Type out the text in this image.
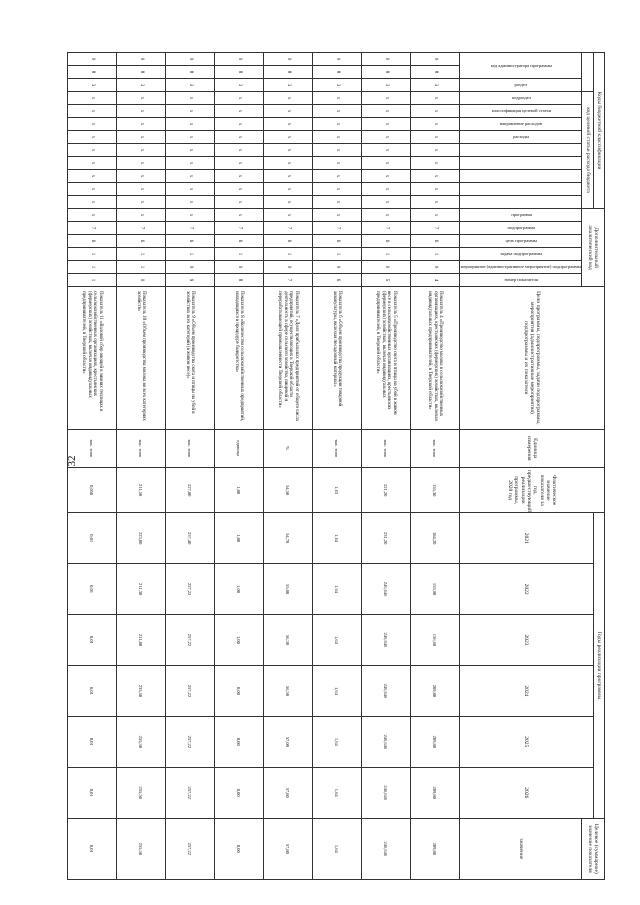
32
Коды бюджетной классификации												Дополнительный аналитический код						Цели программы, подпрограммы, задачи подпрограммы, мероприятия (административные мероприятия) подпрограммы и их показатели	Единица измерения	Фактическое значение показателя за год, предшествующий реализации программы, 2020 год	Годы реализации программы						Целевое (суммарное) значение показателя
			код целевой статьи расхода бюджета																		2021	2022	2023	2024	2025	2026	
код администратора программы		раздел	подраздел	классификация целевой статьи	направление расходов	расходы						программа	подпрограмма	цель программы	задача подпрограммы	мероприятие (административное мероприятие) подпрограммы	номер показателя										значение
0	8	3	x	x	x	x	x	x	x	x	x	x	7	6	1	0	4	Показатель 4 «Производство молока в сельскохозяйственных организациях, крестьянских (фермерских) хозяйствах, включая индивидуальных предпринимателей, в Тверской области»	тыс. тонн	155,30	184,20	155,90	156,60	209,80	209,80	209,80	209,80
0	8	3	x	x	x	x	x	x	x	x	x	x	7	6	1	0	5	Показатель 5 «Производство скота и птицы на убой в живом весе в сельскохозяйственных организациях, крестьянских (фермерских) хозяйствах, включая индивидуальных предпринимателей, в Тверской области»	тыс. тонн	221,20	231,20	246,646	246,646	246,646	246,646	246,646	246,646
0	8	3	x	x	x	x	x	x	x	x	x	x	7	6	1	0	6	Показатель 6 «Объем производства продукции товарной аквакультуры, включая посадочный материал»	тыс. тонн	1,63	1,64	1,64	1,64	1,64	1,64	1,64	1,64
0	8	3	x	x	x	x	x	x	x	x	x	x	7	6	1	0	7	Показатель 7 «Доля прибыльных предприятий от общего числа предприятий, осуществляющих в Тверской области деятельность в сфере сельского хозяйства, пищевой и перерабатывающей промышленности Тверской области»	%	54,50	54,70	55,00	56,30	56,50	57,00	57,80	57,80
0	8	3	x	x	x	x	x	x	x	x	x	x	7	6	1	0	8	Показатель 8 «Количество сельскохозяйственных предприятий, находящихся в процедуре банкротства»	единица	1,00	1,00	1,00	1,00	0,00	0,00	0,00	0,00
0	8	3	x	x	x	x	x	x	x	x	x	x	7	6	1	0	9	Показатель 9 «Объем производства скота и птицы на убой в хозяйствах всех категорий (в живом весе)»	тыс. тонн	227,80	257,40	257,22	257,22	257,22	257,22	257,22	257,22
0	8	3	x	x	x	x	x	x	x	x	x	x	7	6	1	1	0	Показатель 10 «Объем производства молока во всех категориях хозяйств»	тыс. тонн	211,50	223,00	211,30	211,80	235,50	255,50	255,50	255,50
0	8	3	x	x	x	x	x	x	x	x	x	x	7	6	1	1	1	Показатель 11 «Валовой сбор овощей в зимних теплицах в сельскохозяйственных организациях, крестьянских (фермерских) хозяйствах, включая индивидуальных предпринимателей, в Тверской области»	тыс. тонн	0,058	0,01	0,01	0,01	0,01	0,01	0,01	0,01
